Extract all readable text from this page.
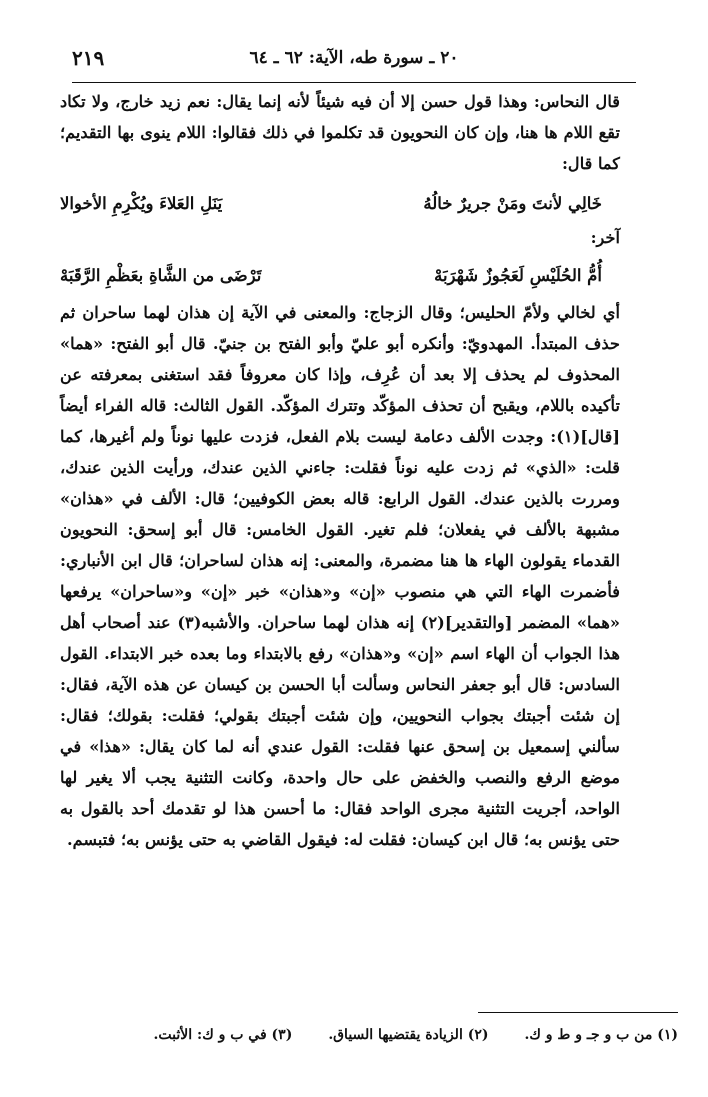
٢١٩	٢٠ ـ سورة طه، الآية: ٦٢ ـ ٦٤

قال النحاس: وهذا قول حسن إلا أن فيه شيئاً لأنه إنما يقال: نعم زيد خارج، ولا تكاد تقع اللام ها هنا، وإن كان النحويون قد تكلموا في ذلك فقالوا: اللام ينوى بها التقديم؛ كما قال:

خَالِي لأنتَ ومَنْ جريرٌ خالُهُ
يَنَلِ العَلاءَ ويُكْرِمِ الأخوالا

آخر:

أُمُّ الحُلَيْسِ لَعَجُوزٌ شَهْرَبَهْ
تَرْضَى من الشَّاةِ بعَظْمِ الرَّقَبَهْ

أي لخالي ولأمّ الحليس؛ وقال الزجاج: والمعنى في الآية إن هذان لهما ساحران ثم حذف المبتدأ. المهدويّ: وأنكره أبو عليّ وأبو الفتح بن جنيّ. قال أبو الفتح: «هما» المحذوف لم يحذف إلا بعد أن عُرِف، وإذا كان معروفاً فقد استغنى بمعرفته عن تأكيده باللام، ويقبح أن تحذف المؤكّد وتترك المؤكّد. القول الثالث: قاله الفراء أيضاً [قال](١): وجدت الألف دعامة ليست بلام الفعل، فزدت عليها نوناً ولم أغيرها، كما قلت: «الذي» ثم زدت عليه نوناً فقلت: جاءني الذين عندك، ورأيت الذين عندك، ومررت بالذين عندك. القول الرابع: قاله بعض الكوفيين؛ قال: الألف في «هذان» مشبهة بالألف في يفعلان؛ فلم تغير. القول الخامس: قال أبو إسحق: النحويون القدماء يقولون الهاء ها هنا مضمرة، والمعنى: إنه هذان لساحران؛ قال ابن الأنباري: فأضمرت الهاء التي هي منصوب «إن» و«هذان» خبر «إن» و«ساحران» يرفعها «هما» المضمر [والتقدير](٢) إنه هذان لهما ساحران. والأشبه(٣) عند أصحاب أهل هذا الجواب أن الهاء اسم «إن» و«هذان» رفع بالابتداء وما بعده خبر الابتداء. القول السادس: قال أبو جعفر النحاس وسألت أبا الحسن بن كيسان عن هذه الآية، فقال: إن شئت أجبتك بجواب النحويين، وإن شئت أجبتك بقولي؛ فقلت: بقولك؛ فقال: سألني إسمعيل بن إسحق عنها فقلت: القول عندي أنه لما كان يقال: «هذا» في موضع الرفع والنصب والخفض على حال واحدة، وكانت التثنية يجب ألا يغير لها الواحد، أجريت التثنية مجرى الواحد فقال: ما أحسن هذا لو تقدمك أحد بالقول به حتى يؤنس به؛ قال ابن كيسان: فقلت له: فيقول القاضي به حتى يؤنس به؛ فتبسم.

(١) من ب و جـ و ط و ك.
(٢) الزيادة يقتضيها السياق.
(٣) في ب و ك: الأثبت.
